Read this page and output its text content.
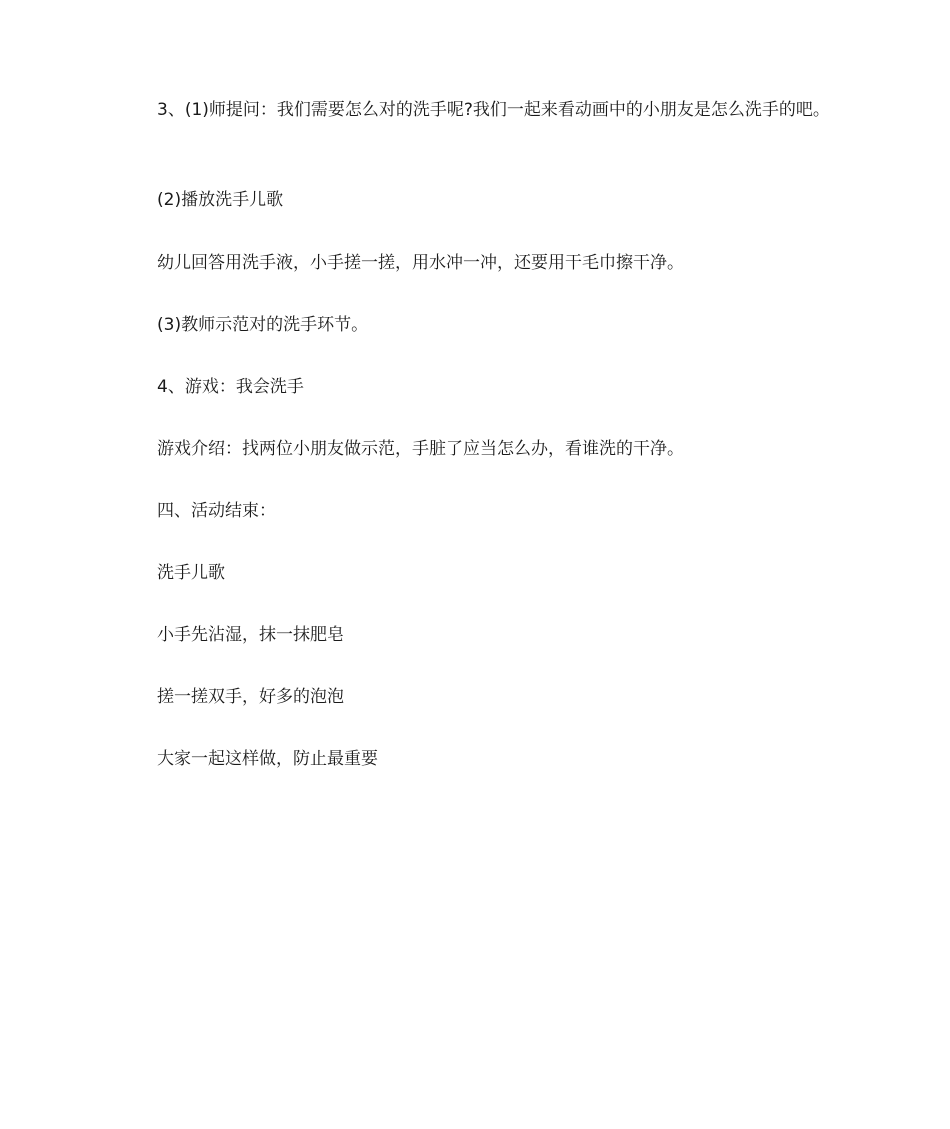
3、(1)师提问：我们需要怎么对的洗手呢?我们一起来看动画中的小朋友是怎么洗手的吧。

(2)播放洗手儿歌

幼儿回答用洗手液，小手搓一搓，用水冲一冲，还要用干毛巾擦干净。

(3)教师示范对的洗手环节。

4、游戏：我会洗手

游戏介绍：找两位小朋友做示范，手脏了应当怎么办，看谁洗的干净。

四、活动结束：

洗手儿歌

小手先沾湿，抹一抹肥皂

搓一搓双手，好多的泡泡

大家一起这样做，防止最重要
